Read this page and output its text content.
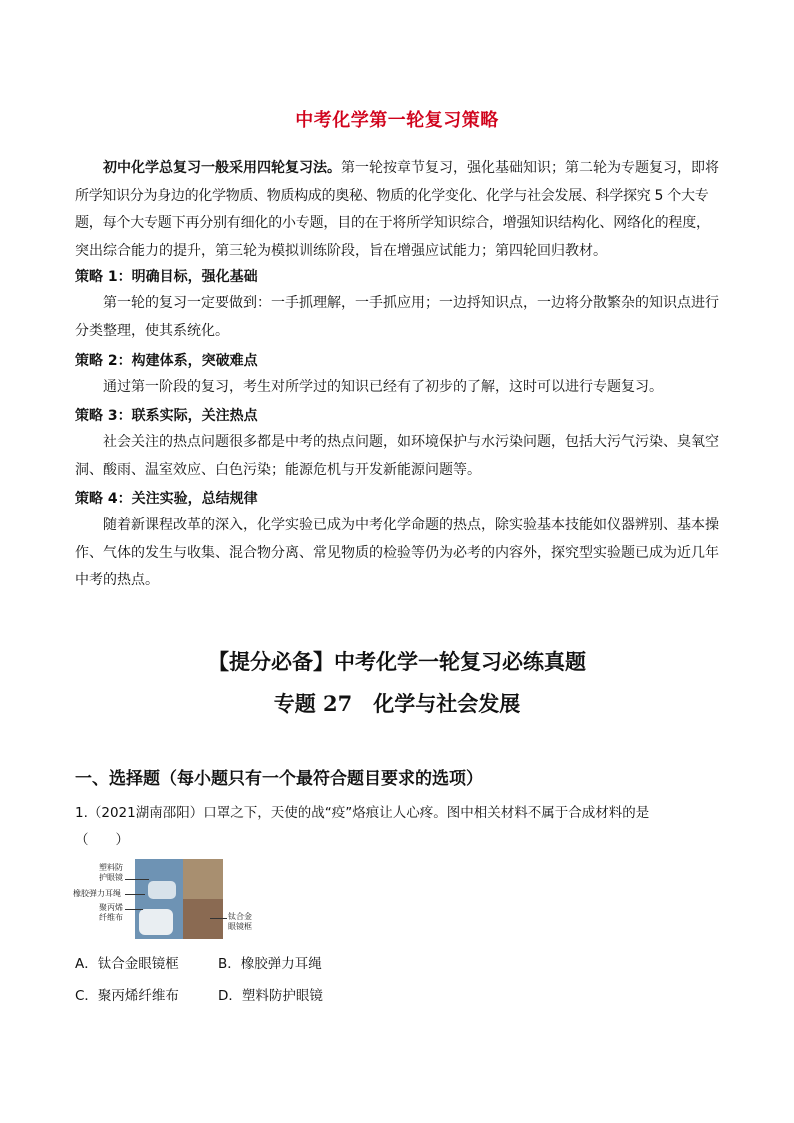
中考化学第一轮复习策略
初中化学总复习一般采用四轮复习法。第一轮按章节复习，强化基础知识；第二轮为专题复习，即将
所学知识分为身边的化学物质、物质构成的奥秘、物质的化学变化、化学与社会发展、科学探究 5 个大专
题，每个大专题下再分别有细化的小专题，目的在于将所学知识综合，增强知识结构化、网络化的程度，
突出综合能力的提升，第三轮为模拟训练阶段，旨在增强应试能力；第四轮回归教材。
策略 1：明确目标，强化基础
第一轮的复习一定要做到：一手抓理解，一手抓应用；一边捋知识点，一边将分散繁杂的知识点进行
分类整理，使其系统化。
策略 2：构建体系，突破难点
通过第一阶段的复习，考生对所学过的知识已经有了初步的了解，这时可以进行专题复习。
策略 3：联系实际，关注热点
社会关注的热点问题很多都是中考的热点问题，如环境保护与水污染问题，包括大污气污染、臭氧空
洞、酸雨、温室效应、白色污染；能源危机与开发新能源问题等。
策略 4：关注实验，总结规律
随着新课程改革的深入，化学实验已成为中考化学命题的热点，除实验基本技能如仪器辨别、基本操
作、气体的发生与收集、混合物分离、常见物质的检验等仍为必考的内容外，探究型实验题已成为近几年
中考的热点。
【提分必备】中考化学一轮复习必练真题
专题 27　化学与社会发展
一、选择题（每小题只有一个最符合题目要求的选项）
1.（2021湖南邵阳）口罩之下，天使的战“疫”烙痕让人心疼。图中相关材料不属于合成材料的是
（　　）
塑料防
护眼镜
橡胶弹力耳绳
聚丙烯
纤维布	钛合金
眼镜框
A．钛合金眼镜框	B．橡胶弹力耳绳
C．聚丙烯纤维布	D．塑料防护眼镜
